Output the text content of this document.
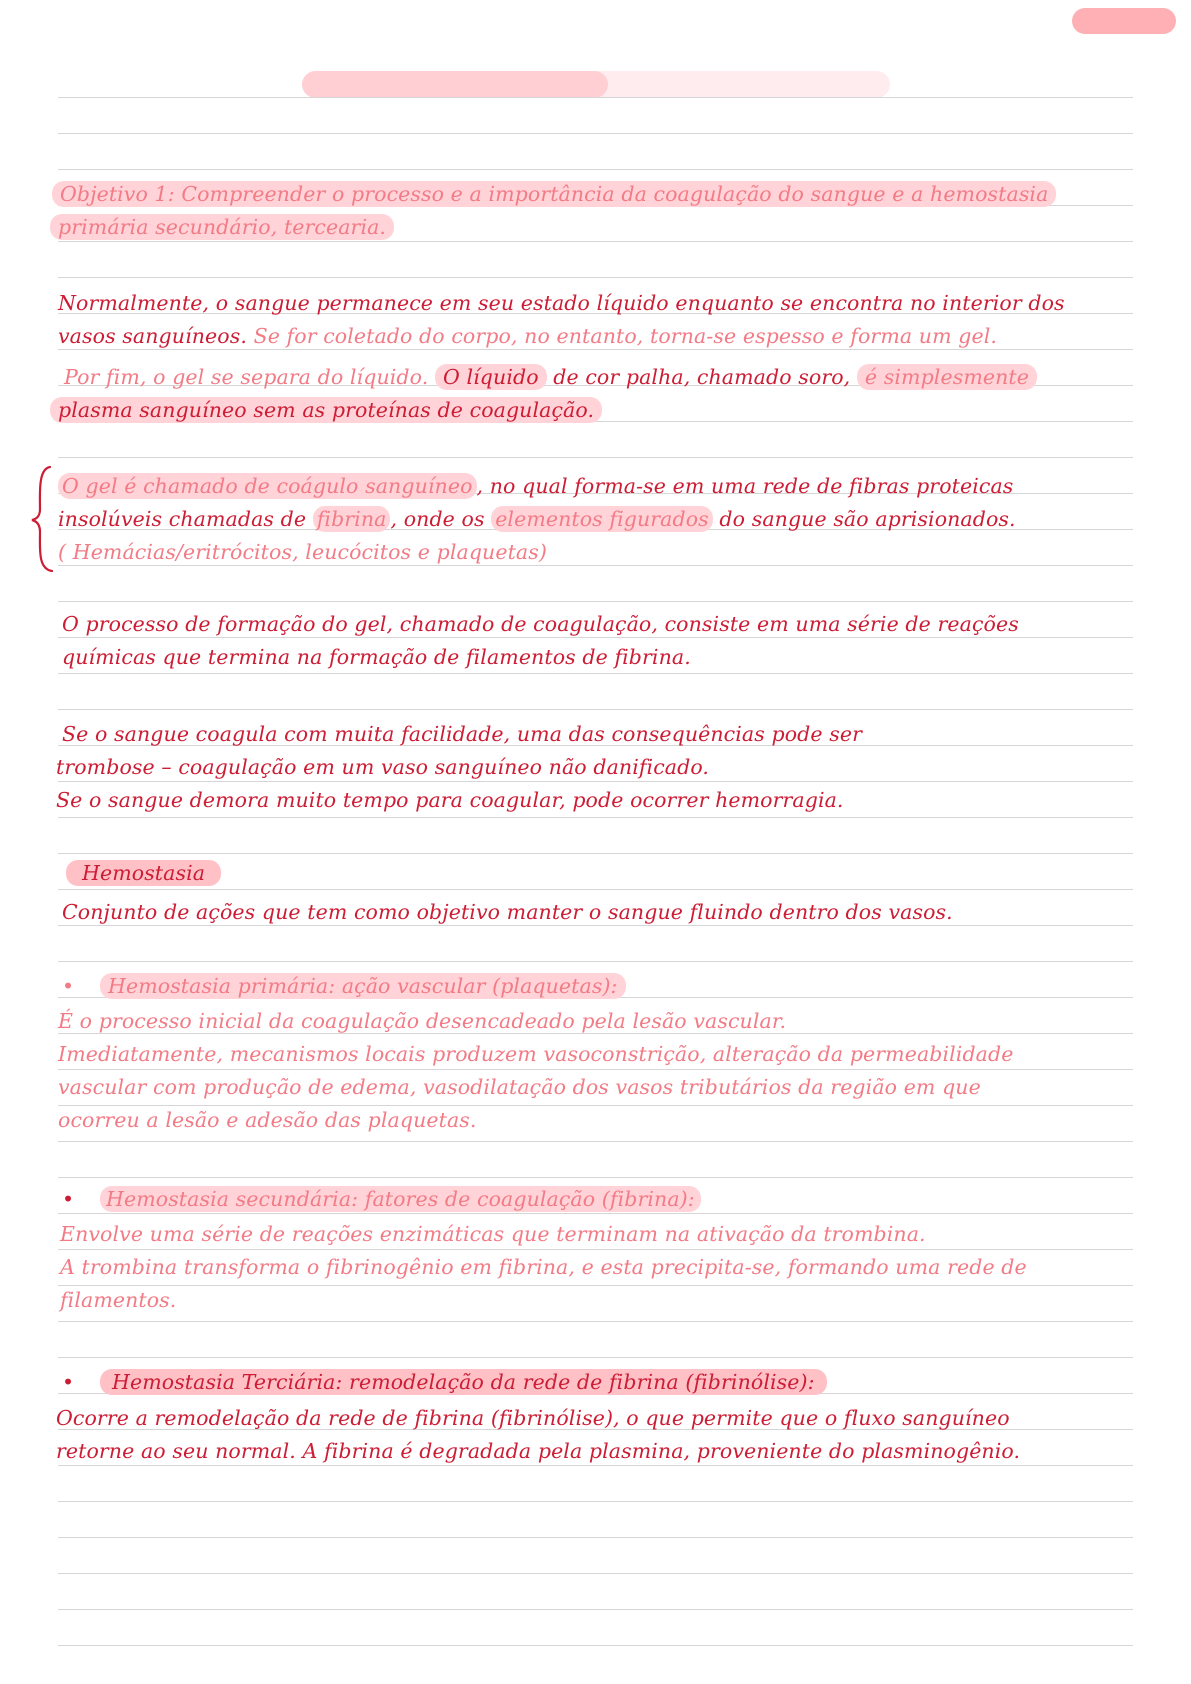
Objetivo 1: Compreender o processo e a importância da coagulação do sangue e a hemostasia

primária secundário, tercearia.

Normalmente, o sangue permanece em seu estado líquido enquanto se encontra no interior dos

vasos sanguíneos. Se for coletado do corpo, no entanto, torna-se espesso e forma um gel.

Por fim, o gel se separa do líquido. O líquido de cor palha, chamado soro, é simplesmente

plasma sanguíneo sem as proteínas de coagulação.

O gel é chamado de coágulo sanguíneo , no qual forma-se em uma rede de fibras proteicas

insolúveis chamadas de fibrina , onde os elementos figurados do sangue são aprisionados.

( Hemácias/eritrócitos, leucócitos e plaquetas)

O processo de formação do gel, chamado de coagulação, consiste em uma série de reações

químicas que termina na formação de filamentos de fibrina.

Se o sangue coagula com muita facilidade, uma das consequências pode ser

trombose – coagulação em um vaso sanguíneo não danificado.

Se o sangue demora muito tempo para coagular, pode ocorrer hemorragia.

Hemostasia

Conjunto de ações que tem como objetivo manter o sangue fluindo dentro dos vasos.

• Hemostasia primária: ação vascular (plaquetas):

É o processo inicial da coagulação desencadeado pela lesão vascular.

Imediatamente, mecanismos locais produzem vasoconstrição, alteração da permeabilidade

vascular com produção de edema, vasodilatação dos vasos tributários da região em que

ocorreu a lesão e adesão das plaquetas.

• Hemostasia secundária: fatores de coagulação (fibrina):

Envolve uma série de reações enzimáticas que terminam na ativação da trombina.

A trombina transforma o fibrinogênio em fibrina, e esta precipita-se, formando uma rede de

filamentos.

• Hemostasia Terciária: remodelação da rede de fibrina (fibrinólise):

Ocorre a remodelação da rede de fibrina (fibrinólise), o que permite que o fluxo sanguíneo

retorne ao seu normal. A fibrina é degradada pela plasmina, proveniente do plasminogênio.
